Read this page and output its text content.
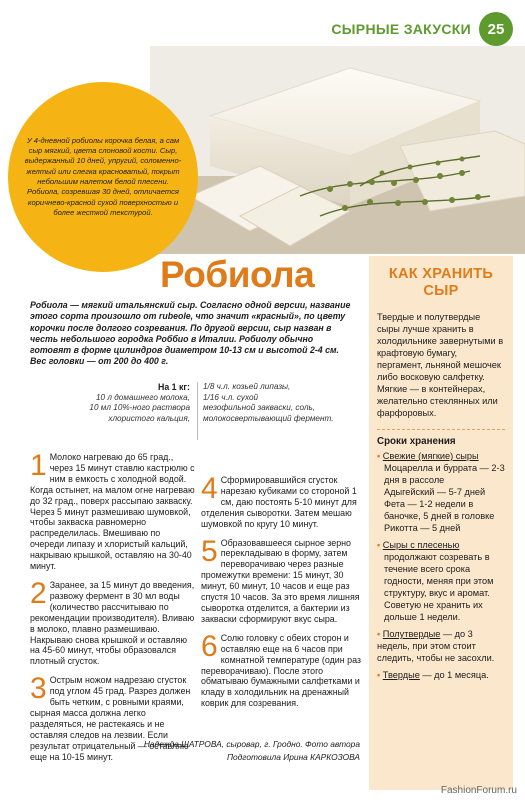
СЫРНЫЕ ЗАКУСКИ	25

У 4-дневной робиолы корочка белая, а сам сыр мягкий, цвета слоновой кости. Сыр, выдержанный 10 дней, упругий, соломенно-желтый или слегка красноватый, покрыт небольшим налетом белой плесени. Робиола, созревшая 30 дней, отличается коричнево-красной сухой поверхностью и более жесткой текстурой.

Робиола
Робиола — мягкий итальянский сыр. Согласно одной версии, название этого сорта произошло от rubeole, что значит «красный», по цвету корочки после долгого созревания. По другой версии, сыр назван в честь небольшого городка Роббио в Италии. Робиолу обычно готовят в форме цилиндров диаметром 10-13 см и высотой 2-4 см. Вес головки — от 200 до 400 г.
На 1 кг:
10 л домашнего молока,
10 мл 10%-ного раствора
хлористого кальция,
1/8 ч.л. козьей липазы,
1/16 ч.л. сухой
мезофильной закваски, соль,
молокосвертывающий фермент.
1 Молоко нагреваю до 65 град., через 15 минут ставлю кастрюлю с ним в емкость с холодной водой. Когда остынет, на малом огне нагреваю до 32 град., поверх рассыпаю закваску. Через 5 минут размешиваю шумовкой, чтобы закваска равномерно распределилась. Вмешиваю по очереди липазу и хлористый кальций, накрываю крышкой, оставляю на 30-40 минут.
2 Заранее, за 15 минут до введения, развожу фермент в 30 мл воды (количество рассчитываю по рекомендации производителя). Вливаю в молоко, плавно размешиваю. Накрываю снова крышкой и оставляю на 45-60 минут, чтобы образовался плотный сгусток.
3 Острым ножом надрезаю сгусток под углом 45 град. Разрез должен быть четким, с ровными краями, сырная масса должна легко разделяться, не растекаясь и не оставляя следов на лезвии. Если результат отрицательный — оставляю еще на 10-15 минут.
4 Сформировавшийся сгусток нарезаю кубиками со стороной 1 см, даю постоять 5-10 минут для отделения сыворотки. Затем мешаю шумовкой по кругу 10 минут.
5 Образовавшееся сырное зерно перекладываю в форму, затем переворачиваю через разные промежутки времени: 15 минут, 30 минут, 60 минут, 10 часов и еще раз спустя 10 часов. За это время лишняя сыворотка отделится, а бактерии из закваски сформируют вкус сыра.
6 Солю головку с обеих сторон и оставляю еще на 6 часов при комнатной температуре (один раз переворачиваю). После этого обматываю бумажными салфетками и кладу в холодильник на дренажный коврик для созревания.
Надежда ШАТРОВА, сыровар, г. Гродно. Фото автора
Подготовила Ирина КАРКОЗОВА
КАК ХРАНИТЬ СЫР
Твердые и полутвердые сыры лучше хранить в холодильнике завернутыми в крафтовую бумагу, пергамент, льняной мешочек либо восковую салфетку. Мягкие — в контейнерах, желательно стеклянных или фарфоровых.
Сроки хранения
• Свежие (мягкие) сыры
Моцарелла и буррата — 2-3 дня в рассоле
Адыгейский — 5-7 дней
Фета — 1-2 недели в баночке, 5 дней в головке
Рикотта — 5 дней
• Сыры с плесенью
продолжают созревать в течение всего срока годности, меняя при этом структуру, вкус и аромат. Советую не хранить их дольше 1 недели.
• Полутвердые — до 3 недель, при этом стоит следить, чтобы не засохли.
• Твердые — до 1 месяца.
FashionForum.ru
